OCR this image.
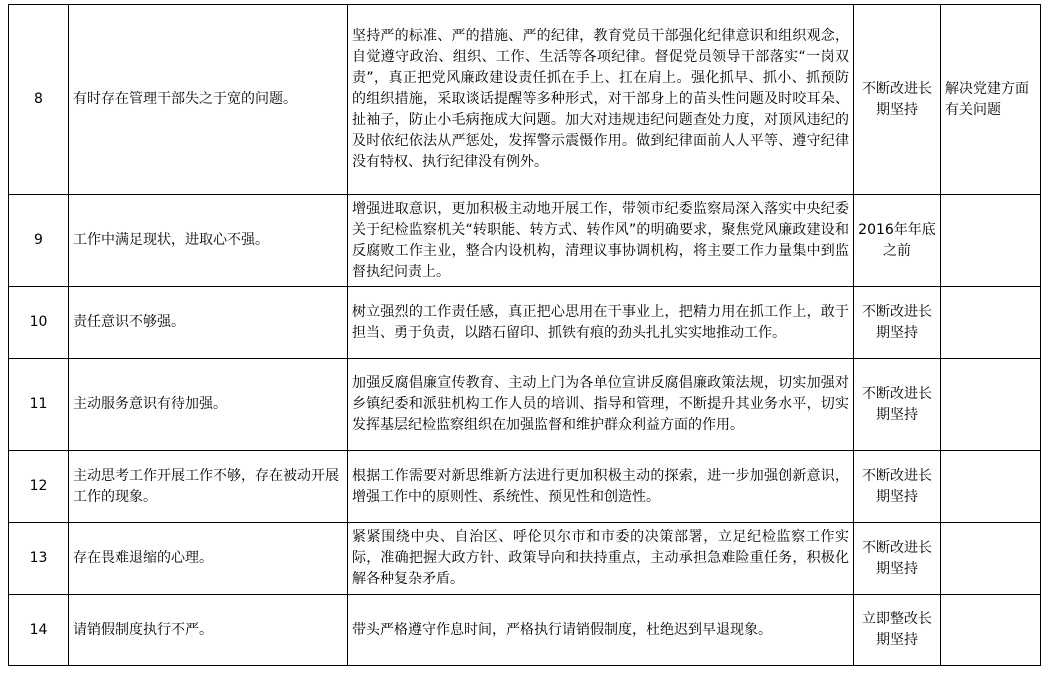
8	有时存在管理干部失之于宽的问题。	坚持严的标准、严的措施、严的纪律，教育党员干部强化纪律意识和组织观念，自觉遵守政治、组织、工作、生活等各项纪律。督促党员领导干部落实“一岗双责”，真正把党风廉政建设责任抓在手上、扛在肩上。强化抓早、抓小、抓预防的组织措施，采取谈话提醒等多种形式，对干部身上的苗头性问题及时咬耳朵、扯袖子，防止小毛病拖成大问题。加大对违规违纪问题查处力度，对顶风违纪的及时依纪依法从严惩处，发挥警示震慑作用。做到纪律面前人人平等、遵守纪律没有特权、执行纪律没有例外。	不断改进长期坚持	解决党建方面有关问题
9	工作中满足现状，进取心不强。	增强进取意识，更加积极主动地开展工作，带领市纪委监察局深入落实中央纪委关于纪检监察机关“转职能、转方式、转作风”的明确要求，聚焦党风廉政建设和反腐败工作主业，整合内设机构，清理议事协调机构，将主要工作力量集中到监督执纪问责上。	2016年年底之前	
10	责任意识不够强。	树立强烈的工作责任感，真正把心思用在干事业上，把精力用在抓工作上，敢于担当、勇于负责，以踏石留印、抓铁有痕的劲头扎扎实实地推动工作。	不断改进长期坚持	
11	主动服务意识有待加强。	加强反腐倡廉宣传教育、主动上门为各单位宣讲反腐倡廉政策法规，切实加强对乡镇纪委和派驻机构工作人员的培训、指导和管理，不断提升其业务水平，切实发挥基层纪检监察组织在加强监督和维护群众利益方面的作用。	不断改进长期坚持	
12	主动思考工作开展工作不够，存在被动开展工作的现象。	根据工作需要对新思维新方法进行更加积极主动的探索，进一步加强创新意识，增强工作中的原则性、系统性、预见性和创造性。	不断改进长期坚持	
13	存在畏难退缩的心理。	紧紧围绕中央、自治区、呼伦贝尔市和市委的决策部署，立足纪检监察工作实际，准确把握大政方针、政策导向和扶持重点，主动承担急难险重任务，积极化解各种复杂矛盾。	不断改进长期坚持	
14	请销假制度执行不严。	带头严格遵守作息时间，严格执行请销假制度，杜绝迟到早退现象。	立即整改长期坚持	
